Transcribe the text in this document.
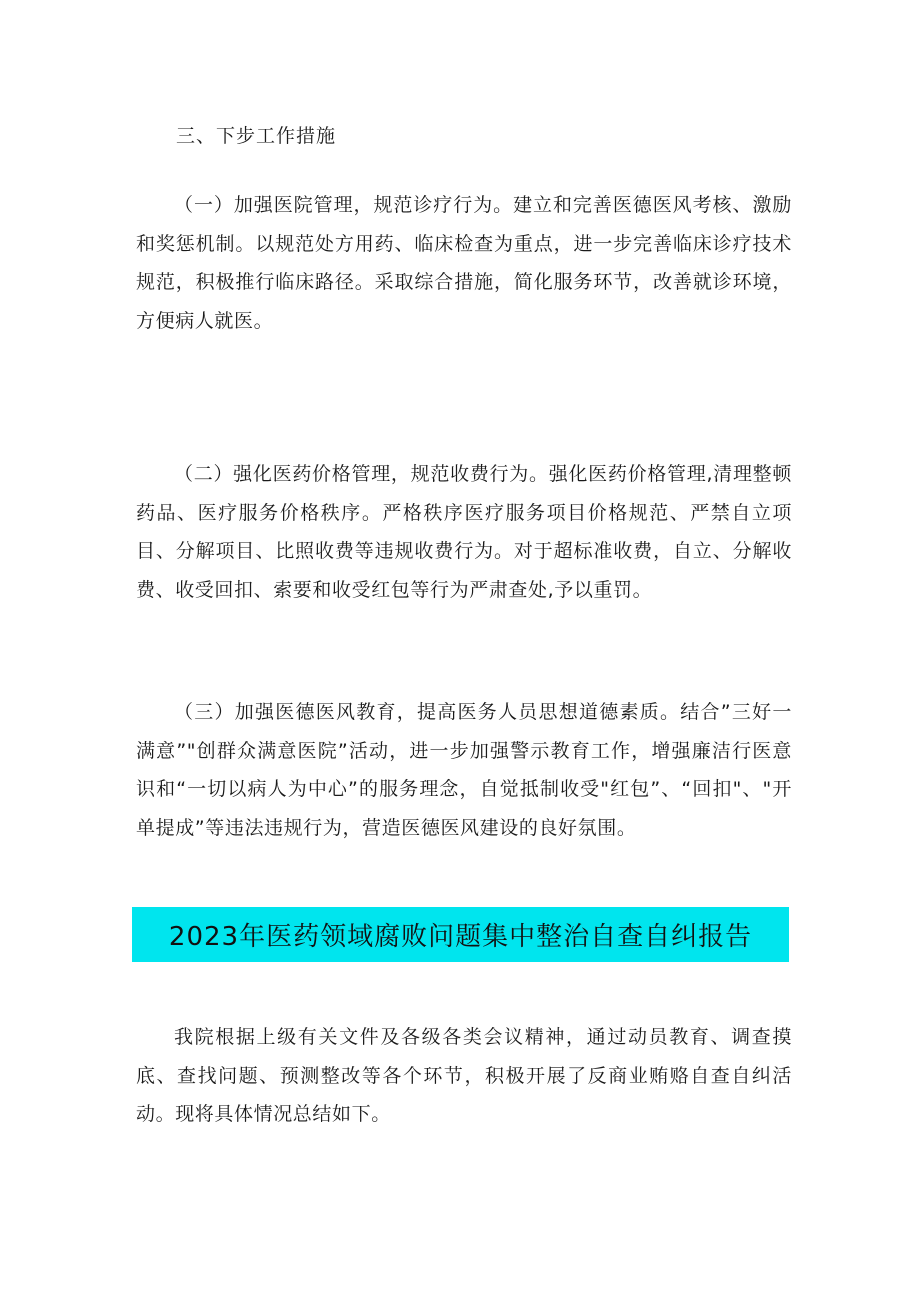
三、下步工作措施

（一）加强医院管理，规范诊疗行为。建立和完善医德医风考核、激励和奖惩机制。以规范处方用药、临床检查为重点，进一步完善临床诊疗技术规范，积极推行临床路径。采取综合措施，简化服务环节，改善就诊环境，方便病人就医。

（二）强化医药价格管理，规范收费行为。强化医药价格管理,清理整顿药品、医疗服务价格秩序。严格秩序医疗服务项目价格规范、严禁自立项目、分解项目、比照收费等违规收费行为。对于超标准收费，自立、分解收费、收受回扣、索要和收受红包等行为严肃查处,予以重罚。

（三）加强医德医风教育，提高医务人员思想道德素质。结合”三好一满意”"创群众满意医院”活动，进一步加强警示教育工作，增强廉洁行医意识和“一切以病人为中心”的服务理念，自觉抵制收受"红包”、“回扣"、"开单提成”等违法违规行为，营造医德医风建设的良好氛围。

2023年医药领域腐败问题集中整治自查自纠报告

我院根据上级有关文件及各级各类会议精神，通过动员教育、调查摸底、查找问题、预测整改等各个环节，积极开展了反商业贿赂自查自纠活动。现将具体情况总结如下。
